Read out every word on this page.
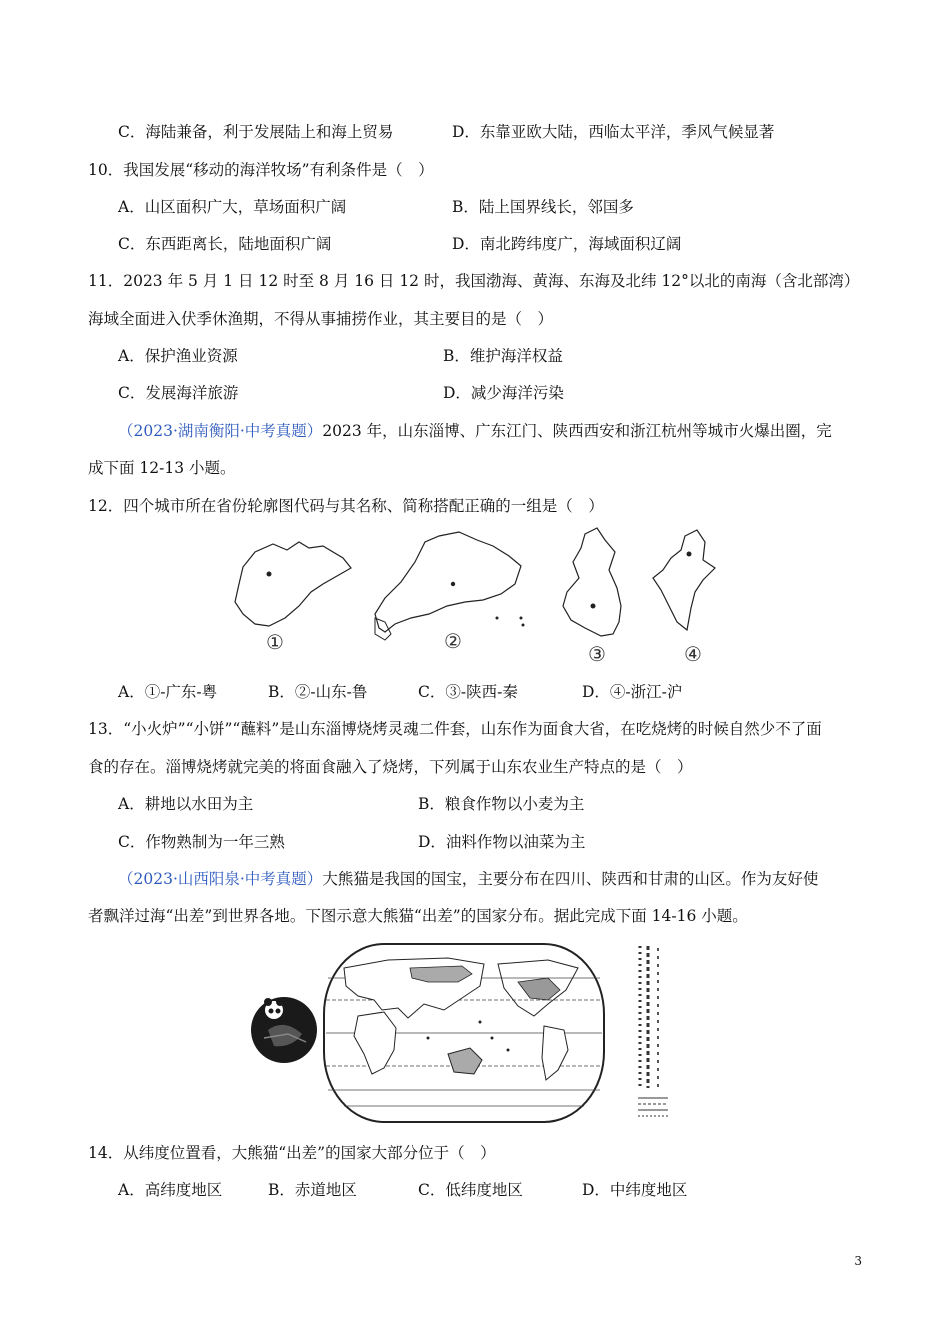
C．海陆兼备，利于发展陆上和海上贸易	D．东靠亚欧大陆，西临太平洋，季风气候显著
10．我国发展“移动的海洋牧场”有利条件是（　）
A．山区面积广大，草场面积广阔	B．陆上国界线长，邻国多
C．东西距离长，陆地面积广阔	D．南北跨纬度广，海域面积辽阔
11．2023 年 5 月 1 日 12 时至 8 月 16 日 12 时，我国渤海、黄海、东海及北纬 12°以北的南海（含北部湾）
海域全面进入伏季休渔期，不得从事捕捞作业，其主要目的是（　）
A．保护渔业资源	B．维护海洋权益
C．发展海洋旅游	D．减少海洋污染
（2023·湖南衡阳·中考真题）2023 年，山东淄博、广东江门、陕西西安和浙江杭州等城市火爆出圈，完
成下面 12-13 小题。
12．四个城市所在省份轮廓图代码与其名称、简称搭配正确的一组是（　）
①	②
③	④
A．①-广东-粤	B．②-山东-鲁	C．③-陕西-秦	D．④-浙江-沪
13．“小火炉”“小饼”“蘸料”是山东淄博烧烤灵魂二件套，山东作为面食大省，在吃烧烤的时候自然少不了面
食的存在。淄博烧烤就完美的将面食融入了烧烤，下列属于山东农业生产特点的是（　）
A．耕地以水田为主	B．粮食作物以小麦为主
C．作物熟制为一年三熟	D．油料作物以油菜为主
（2023·山西阳泉·中考真题）大熊猫是我国的国宝，主要分布在四川、陕西和甘肃的山区。作为友好使
者飘洋过海“出差”到世界各地。下图示意大熊猫“出差”的国家分布。据此完成下面 14-16 小题。
14．从纬度位置看，大熊猫“出差”的国家大部分位于（　）
A．高纬度地区	B．赤道地区	C．低纬度地区	D．中纬度地区
3
